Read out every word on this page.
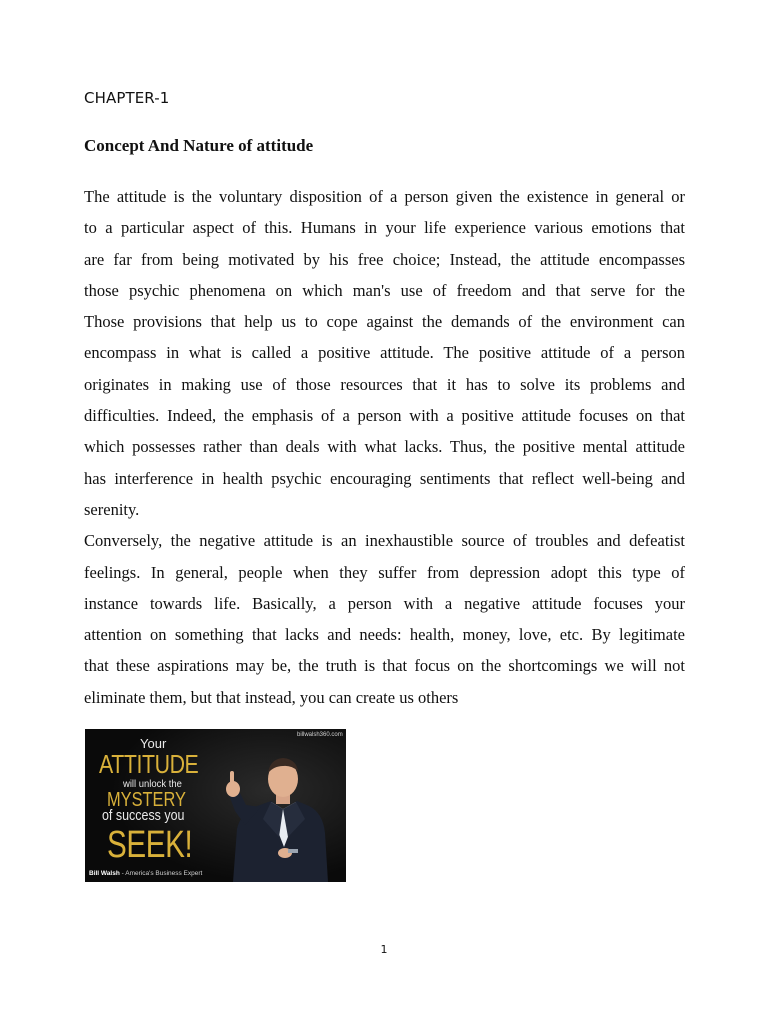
CHAPTER-1
Concept And Nature of attitude
The attitude is the voluntary disposition of a person given the existence in general or
to a particular aspect of this. Humans in your life experience various emotions that
are far from being motivated by his free choice; Instead, the attitude encompasses
those psychic phenomena on which man's use of freedom and that serve for the
Those provisions that help us to cope against the demands of the environment can
encompass in what is called a positive attitude. The positive attitude of a person
originates in making use of those resources that it has to solve its problems and
difficulties. Indeed, the emphasis of a person with a positive attitude focuses on that
which possesses rather than deals with what lacks. Thus, the positive mental attitude
has interference in health psychic encouraging sentiments that reflect well-being and
serenity.
Conversely, the negative attitude is an inexhaustible source of troubles and defeatist
feelings. In general, people when they suffer from depression adopt this type of
instance towards life. Basically, a person with a negative attitude focuses your
attention on something that lacks and needs: health, money, love, etc. By legitimate
that these aspirations may be, the truth is that focus on the shortcomings we will not
eliminate them, but that instead, you can create us others
billwalsh360.com
Your
ATTITUDE
will unlock the
MYSTERY
of success you
SEEK!
Bill Walsh - America's Business Expert
1
